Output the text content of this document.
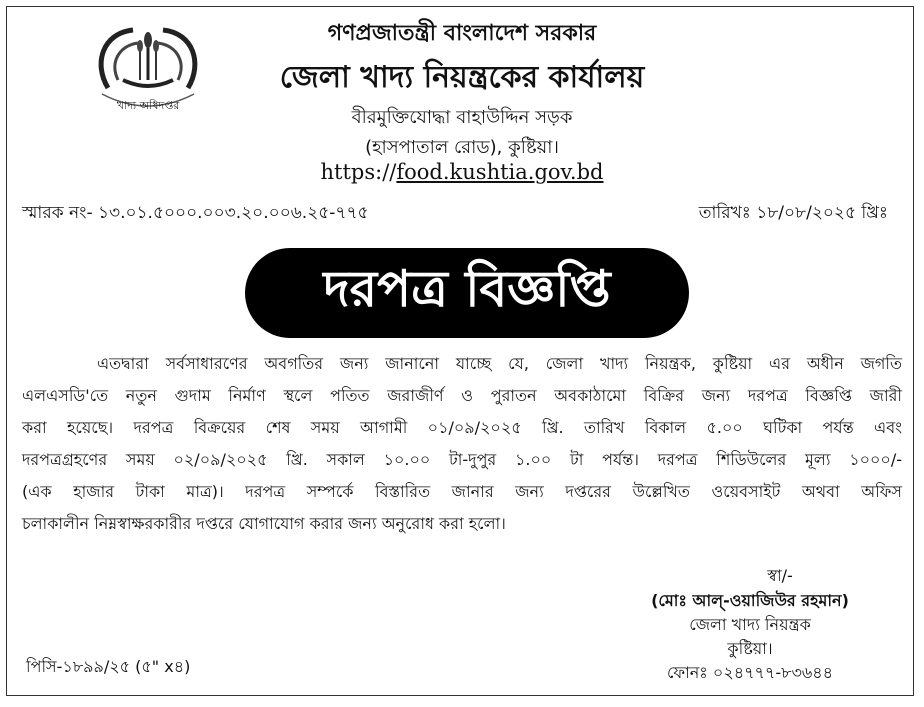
খাদ্য অধিদপ্তর
গণপ্রজাতন্ত্রী বাংলাদেশ সরকার
জেলা খাদ্য নিয়ন্ত্রকের কার্যালয়
বীরমুক্তিযোদ্ধা বাহাউদ্দিন সড়ক
(হাসপাতাল রোড), কুষ্টিয়া।
https://food.kushtia.gov.bd
স্মারক নং- ১৩.০১.৫০০০.০০৩.২০.০০৬.২৫-৭৭৫	তারিখঃ ১৮/০৮/২০২৫ খ্রিঃ
দরপত্র বিজ্ঞপ্তি
এতদ্বারা সর্বসাধারণের অবগতির জন্য জানানো যাচ্ছে যে, জেলা খাদ্য নিয়ন্ত্রক, কুষ্টিয়া এর অধীন জগতি
এলএসডি'তে নতুন গুদাম নির্মাণ স্থলে পতিত জরাজীর্ণ ও পুরাতন অবকাঠামো বিক্রির জন্য দরপত্র বিজ্ঞপ্তি জারী
করা হয়েছে। দরপত্র বিক্রয়ের শেষ সময় আগামী ০১/০৯/২০২৫ খ্রি. তারিখ বিকাল ৫.০০ ঘটিকা পর্যন্ত এবং
দরপত্রগ্রহণের সময় ০২/০৯/২০২৫ খ্রি. সকাল ১০.০০ টা-দুপুর ১.০০ টা পর্যন্ত। দরপত্র শিডিউলের মূল্য ১০০০/-
(এক হাজার টাকা মাত্র)। দরপত্র সম্পর্কে বিস্তারিত জানার জন্য দপ্তরের উল্লেখিত ওয়েবসাইট অথবা অফিস
চলাকালীন নিম্নস্বাক্ষরকারীর দপ্তরে যোগাযোগ করার জন্য অনুরোধ করা হলো।
স্বা/-
(মোঃ আল্-ওয়াজিউর রহমান)
জেলা খাদ্য নিয়ন্ত্রক
কুষ্টিয়া।
ফোনঃ ০২৪৭৭৭-৮৩৬৪৪
পিসি-১৮৯৯/২৫ (৫" x৪)
